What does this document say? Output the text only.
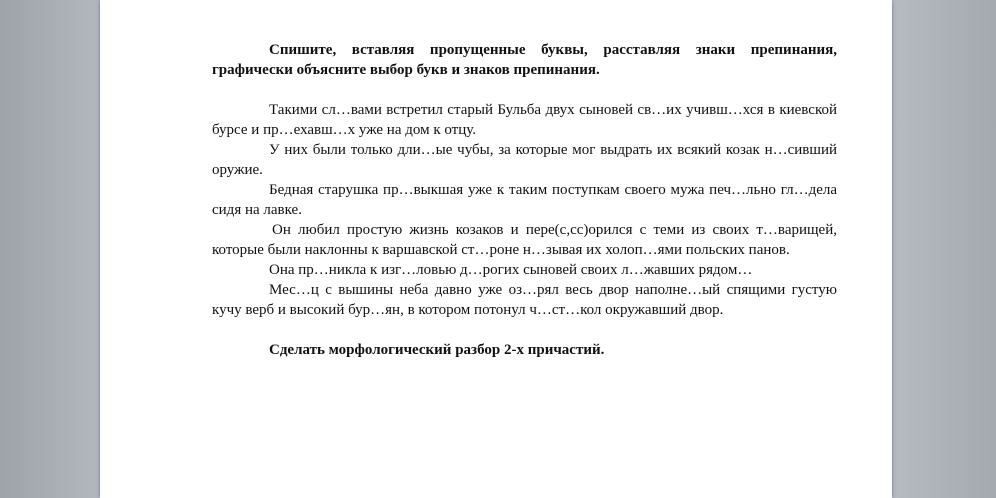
Спишите, вставляя пропущенные буквы, расставляя знаки препинания, графически объясните выбор букв и знаков препинания.

Такими сл…вами встретил старый Бульба двух сыновей св…их учивш…хся в киевской бурсе и пр…ехавш…х уже на дом к отцу.

У них были только дли…ые чубы, за которые мог выдрать их всякий козак н…сивший оружие.

Бедная старушка пр…выкшая уже к таким поступкам своего мужа печ…льно гл…дела сидя на лавке.

Он любил простую жизнь козаков и пере(с,сс)орился с теми из своих т…варищей, которые были наклонны к варшавской ст…роне н…зывая их холоп…ями польских панов.

Она пр…никла к изг…ловью д…рогих сыновей своих л…жавших рядом…

Мес…ц с вышины неба давно уже оз…рял весь двор наполне…ый спящими густую кучу верб и высокий бур…ян, в котором потонул ч…ст…кол окружавший двор.

Сделать морфологический разбор 2-х причастий.
